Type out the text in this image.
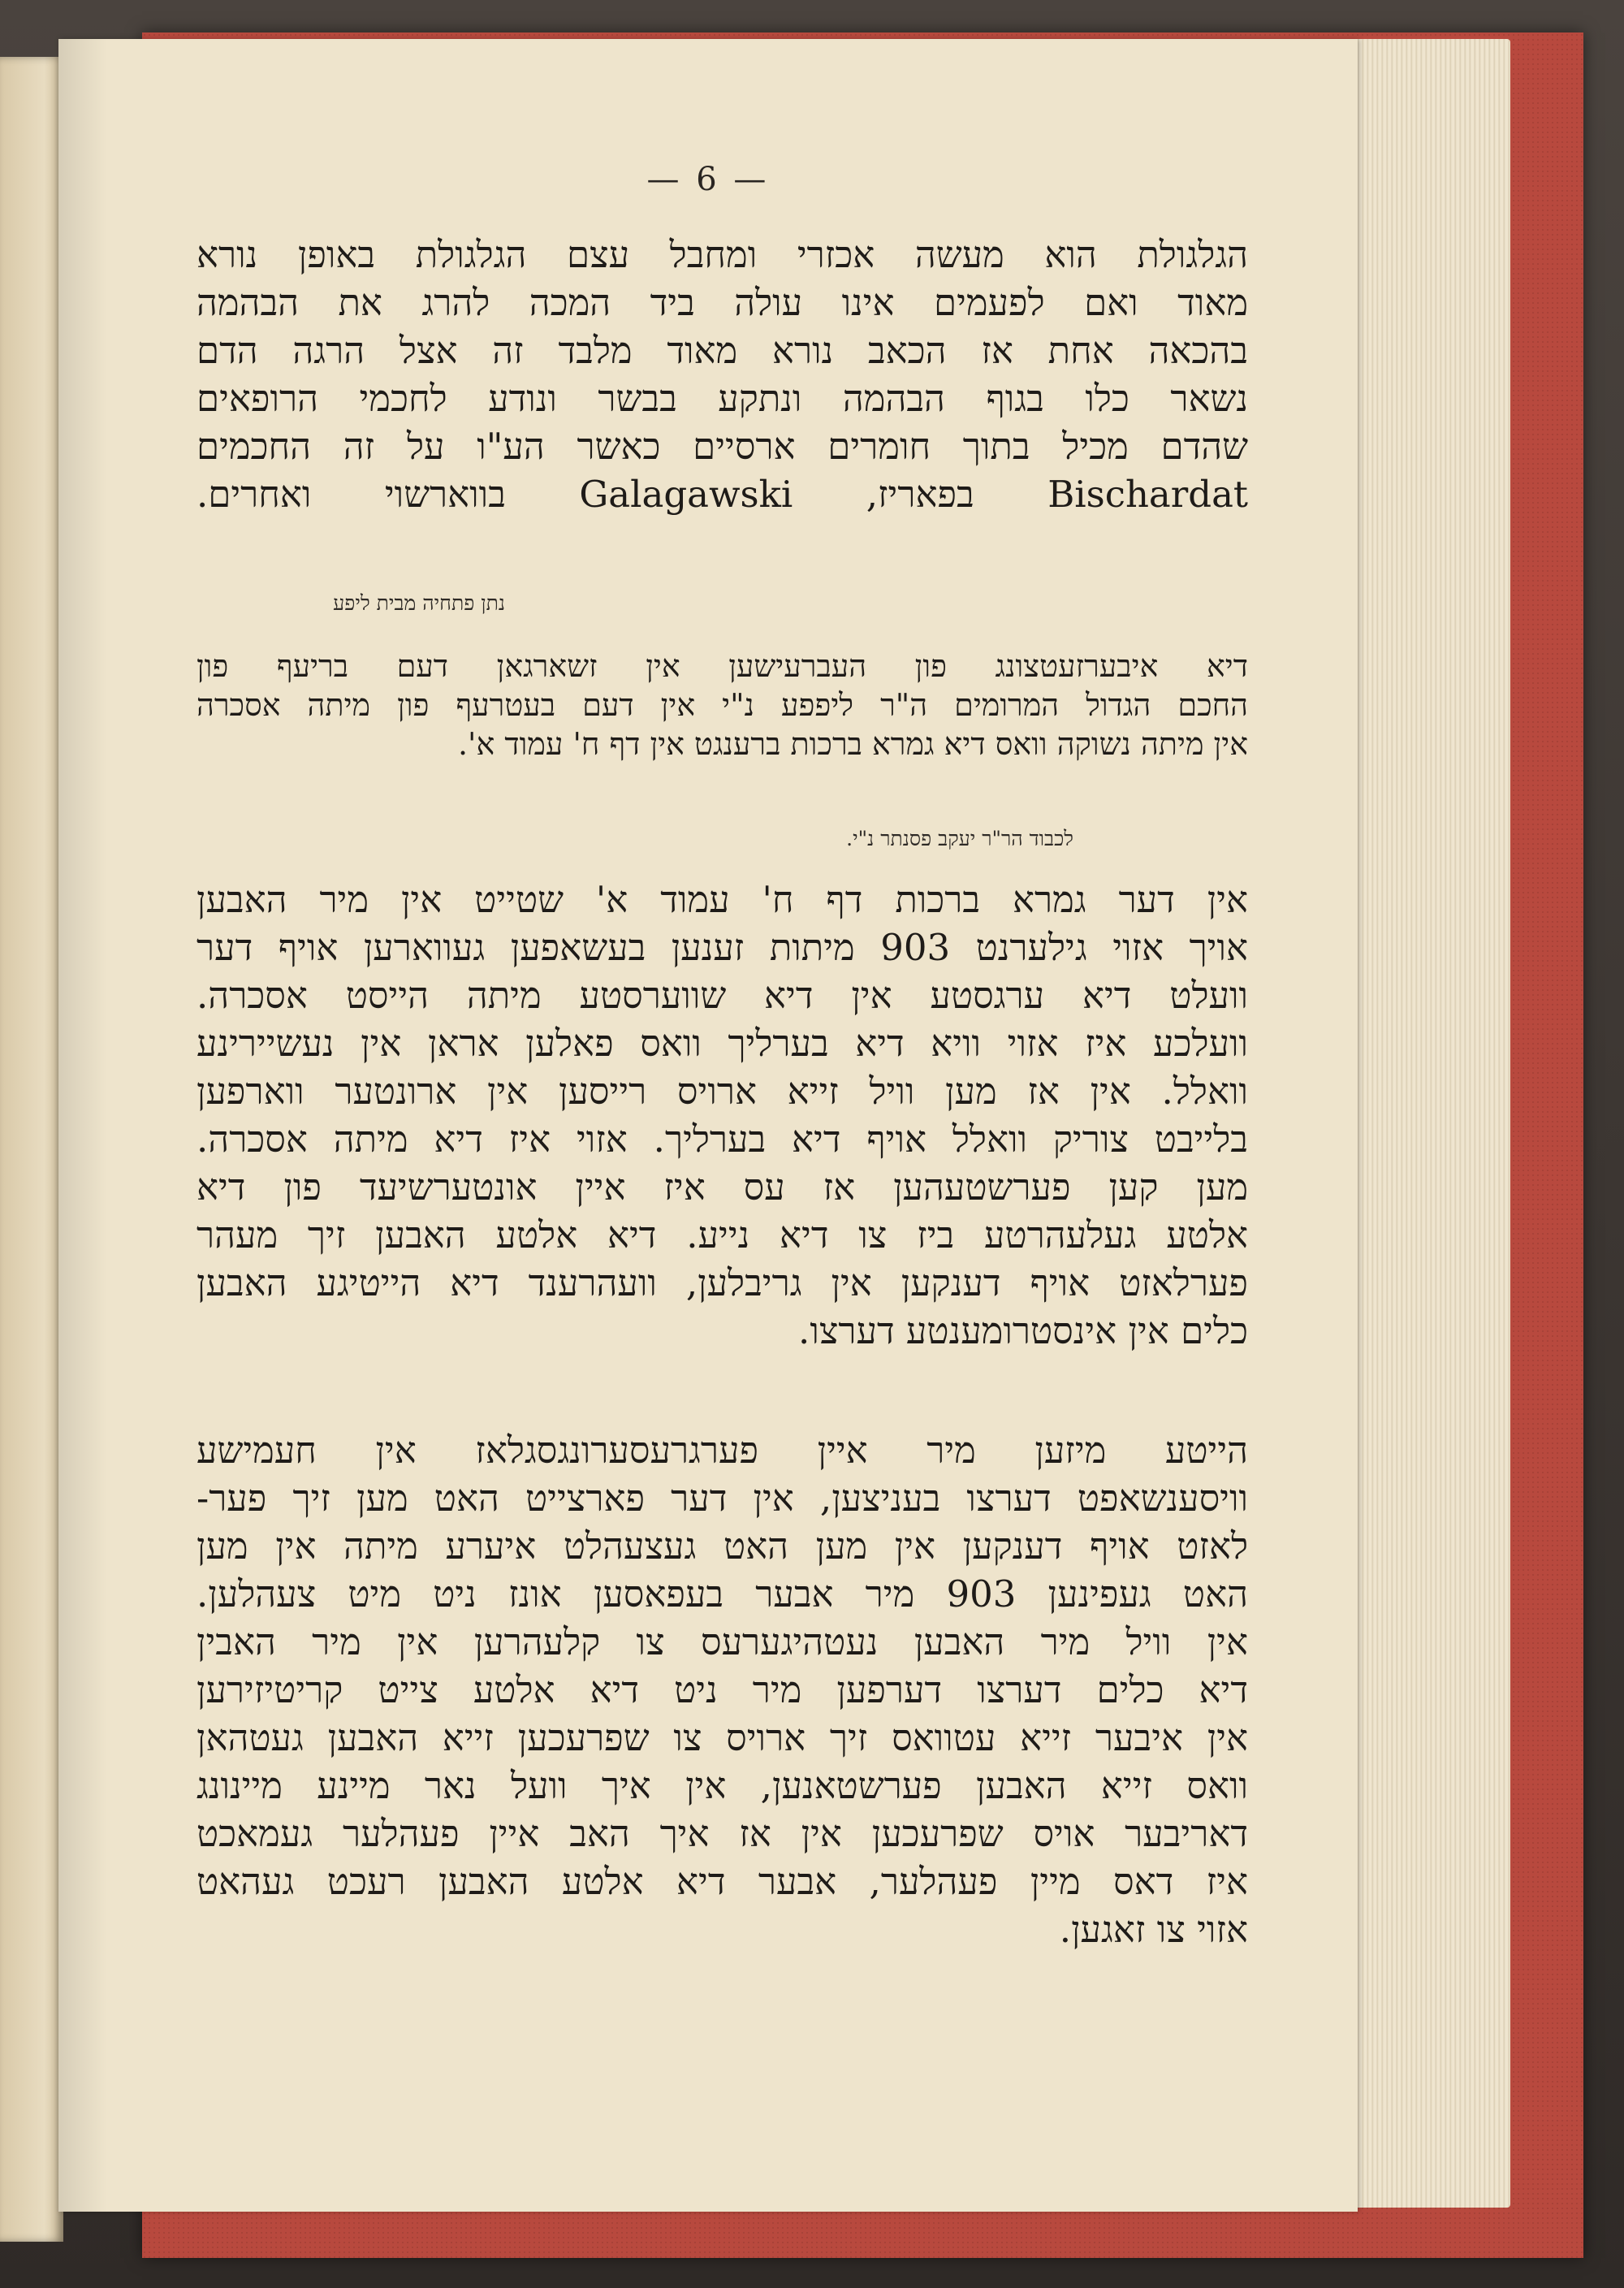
— 6 —
הגלגולת הוא מעשה אכזרי ומחבל עצם הגלגולת באופן נורא
מאוד ואם לפעמים אינו עולה ביד המכה להרג את הבהמה
בהכאה אחת אז הכאב נורא מאוד מלבד זה אצל הרגה הדם
נשאר כלו בגוף הבהמה ונתקע בבשר ונודע לחכמי הרופאים
שהדם מכיל בתוך חומרים ארסיים כאשר הע"ו על זה החכמים
Bischardat בפאריז, Galagawski בווארשוי ואחרים.
נתן פתחיה מבית ליפע
דיא איבערזעטצונג פון העברעישען אין זשארגאן דעם בריעף פון
החכם הגדול המרומים ה"ר ליפפע נ"י אין דעם בעטרעף פון מיתה אסכרה
אין מיתה נשוקה וואס דיא גמרא ברכות ברענגט אין דף ח' עמוד א'.
לכבוד הר"ר יעקב פסנתר נ"י.
אין דער גמרא ברכות דף ח' עמוד א' שטייט אין מיר האבען
אויך אזוי גילערנט 903 מיתות זענען בעשאפען געווארען אויף דער
וועלט דיא ערגסטע אין דיא שווערסטע מיתה הייסט אסכרה.
וועלכע איז אזוי וויא דיא בערליך וואס פאלען אראן אין נעשיירינע
וואלל. אין אז מען וויל זייא ארויס רייסען אין ארונטער ווארפען
בלייבט צוריק וואלל אויף דיא בערליך. אזוי איז דיא מיתה אסכרה.
מען קען פערשטעהען אז עס איז איין אונטערשיעד פון דיא
אלטע געלעהרטע ביז צו דיא נייע. דיא אלטע האבען זיך מעהר
פערלאזט אויף דענקען אין גריבלען, וועהרענד דיא הייטיגע האבען
כלים אין אינסטרומענטע דערצו.
הייטע מיזען מיר איין פערגרעסערונגסגלאז אין חעמישע
וויסענשאפט דערצו בעניצען, אין דער פארצייט האט מען זיך פער-
לאזט אויף דענקען אין מען האט געצעהלט איערע מיתה אין מען
האט געפינען 903 מיר אבער בעפאסען אונז ניט מיט צעהלען.
אין וויל מיר האבען נעטהיגערעס צו קלעהרען אין מיר האבין
דיא כלים דערצו דערפען מיר ניט דיא אלטע צייט קריטיזירען
אין איבער זייא עטוואס זיך ארויס צו שפרעכען זייא האבען געטהאן
וואס זייא האבען פערשטאנען, אין איך וועל נאר מיינע מיינונג
דאריבער אויס שפרעכען אין אז איך האב איין פעהלער געמאכט
איז דאס מיין פעהלער, אבער דיא אלטע האבען רעכט געהאט
אזוי צו זאגען.
